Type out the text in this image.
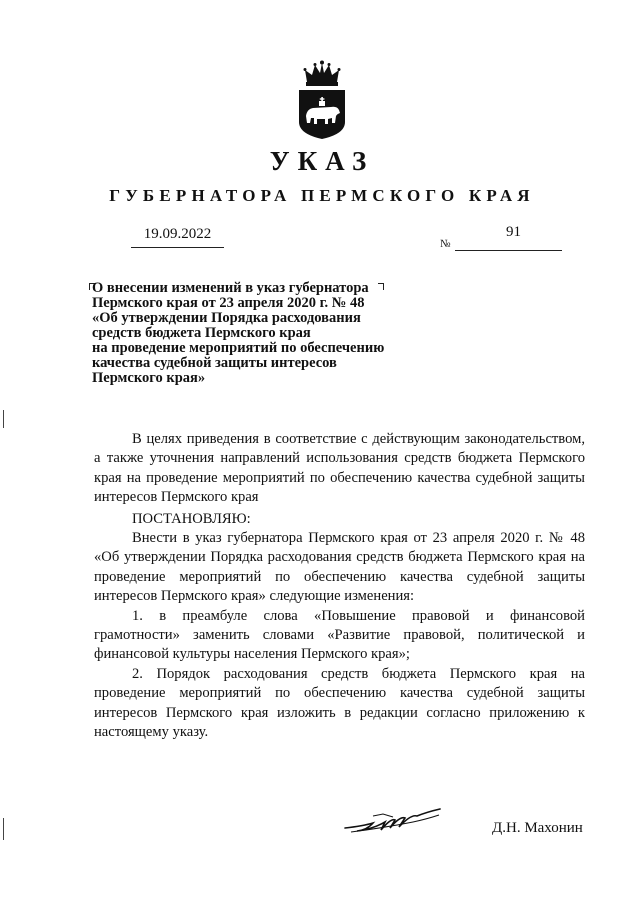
УКАЗ
ГУБЕРНАТОРА ПЕРМСКОГО КРАЯ
19.09.2022
№
91
О внесении изменений в указ губернатора
Пермского края от 23 апреля 2020 г. № 48
«Об утверждении Порядка расходования
средств бюджета Пермского края
на проведение мероприятий по обеспечению
качества судебной защиты интересов
Пермского края»

В целях приведения в соответствие с действующим законодательством, а также уточнения направлений использования средств бюджета Пермского края на проведение мероприятий по обеспечению качества судебной защиты интересов Пермского края

ПОСТАНОВЛЯЮ:

Внести в указ губернатора Пермского края от 23 апреля 2020 г. № 48 «Об утверждении Порядка расходования средств бюджета Пермского края на проведение мероприятий по обеспечению качества судебной защиты интересов Пермского края» следующие изменения:

1. в преамбуле слова «Повышение правовой и финансовой грамотности» заменить словами «Развитие правовой, политической и финансовой культуры населения Пермского края»;

2. Порядок расходования средств бюджета Пермского края на проведение мероприятий по обеспечению качества судебной защиты интересов Пермского края изложить в редакции согласно приложению к настоящему указу.

Д.Н. Махонин
